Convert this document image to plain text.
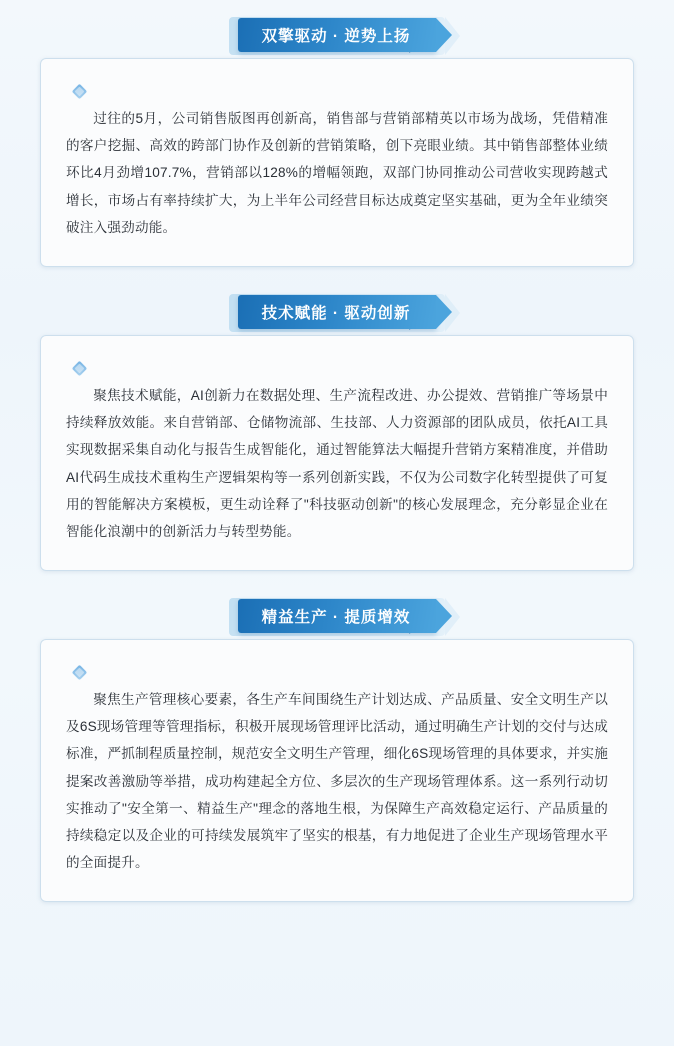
双擎驱动 · 逆势上扬

过往的5月，公司销售版图再创新高，销售部与营销部精英以市场为战场，凭借精准的客户挖掘、高效的跨部门协作及创新的营销策略，创下亮眼业绩。其中销售部整体业绩环比4月劲增107.7%，营销部以128%的增幅领跑，双部门协同推动公司营收实现跨越式增长，市场占有率持续扩大，为上半年公司经营目标达成奠定坚实基础，更为全年业绩突破注入强劲动能。

技术赋能 · 驱动创新

聚焦技术赋能，AI创新力在数据处理、生产流程改进、办公提效、营销推广等场景中持续释放效能。来自营销部、仓储物流部、生技部、人力资源部的团队成员，依托AI工具实现数据采集自动化与报告生成智能化，通过智能算法大幅提升营销方案精准度，并借助AI代码生成技术重构生产逻辑架构等一系列创新实践，不仅为公司数字化转型提供了可复用的智能解决方案模板，更生动诠释了"科技驱动创新"的核心发展理念，充分彰显企业在智能化浪潮中的创新活力与转型势能。

精益生产 · 提质增效

聚焦生产管理核心要素，各生产车间围绕生产计划达成、产品质量、安全文明生产以及6S现场管理等管理指标，积极开展现场管理评比活动，通过明确生产计划的交付与达成标准，严抓制程质量控制，规范安全文明生产管理，细化6S现场管理的具体要求，并实施提案改善激励等举措，成功构建起全方位、多层次的生产现场管理体系。这一系列行动切实推动了"安全第一、精益生产"理念的落地生根，为保障生产高效稳定运行、产品质量的持续稳定以及企业的可持续发展筑牢了坚实的根基，有力地促进了企业生产现场管理水平的全面提升。
